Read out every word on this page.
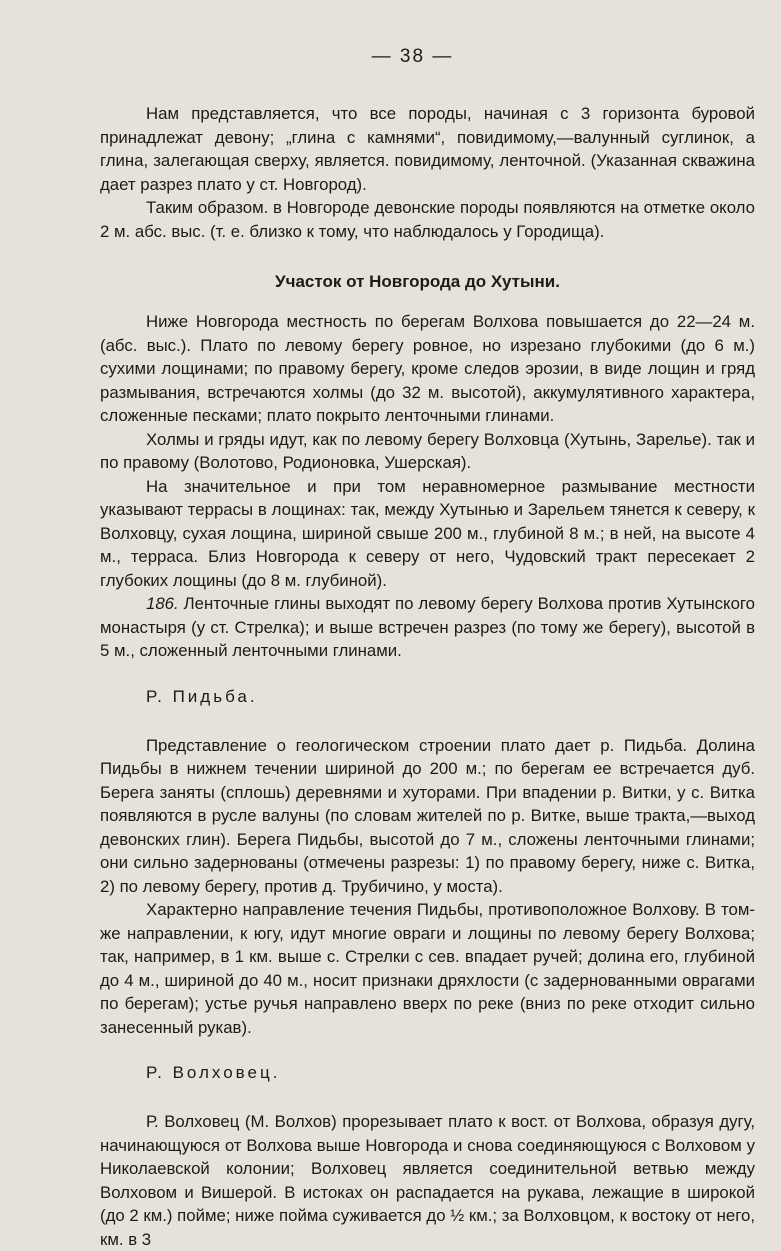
— 38 —

Нам представляется, что все породы, начиная с 3 горизонта буровой принадлежат девону; „глина с камнями“, повидимому,—валунный суглинок, а глина, залегающая сверху, является. повидимому, ленточной. (Указанная скважина дает разрез плато у ст. Новгород).

Таким образом. в Новгороде девонские породы появляются на отметке около 2 м. абс. выс. (т. е. близко к тому, что наблюдалось у Городища).

Участок от Новгорода до Хутыни.

Ниже Новгорода местность по берегам Волхова повышается до 22—24 м. (абс. выс.). Плато по левому берегу ровное, но изрезано глубокими (до 6 м.) сухими лощинами; по правому берегу, кроме следов эрозии, в виде лощин и гряд размывания, встречаются холмы (до 32 м. высотой), аккумулятивного характера, сложенные песками; плато покрыто ленточными глинами.

Холмы и гряды идут, как по левому берегу Волховца (Хутынь, Зарелье). так и по правому (Волотово, Родионовка, Ушерская).

На значительное и при том неравномерное размывание местности указывают террасы в лощинах: так, между Хутынью и Зарельем тянется к северу, к Волховцу, сухая лощина, шириной свыше 200 м., глубиной 8 м.; в ней, на высоте 4 м., терраса. Близ Новгорода к северу от него, Чудовский тракт пересекает 2 глубоких лощины (до 8 м. глубиной).

186. Ленточные глины выходят по левому берегу Волхова против Хутынского монастыря (у ст. Стрелка); и выше встречен разрез (по тому же берегу), высотой в 5 м., сложенный ленточными глинами.

Р. Пидьба.

Представление о геологическом строении плато дает р. Пидьба. Долина Пидьбы в нижнем течении шириной до 200 м.; по берегам ее встречается дуб. Берега заняты (сплошь) деревнями и хуторами. При впадении р. Витки, у с. Витка появляются в русле валуны (по словам жителей по р. Витке, выше тракта,—выход девонских глин). Берега Пидьбы, высотой до 7 м., сложены ленточными глинами; они сильно задернованы (отмечены разрезы: 1) по правому берегу, ниже с. Витка, 2) по левому берегу, против д. Трубичино, у моста).

Характерно направление течения Пидьбы, противоположное Волхову. В том-же направлении, к югу, идут многие овраги и лощины по левому берегу Волхова; так, например, в 1 км. выше с. Стрелки с сев. впадает ручей; долина его, глубиной до 4 м., шириной до 40 м., носит признаки дряхлости (с задернованными оврагами по берегам); устье ручья направлено вверх по реке (вниз по реке отходит сильно занесенный рукав).

Р. Волховец.

Р. Волховец (М. Волхов) прорезывает плато к вост. от Волхова, образуя дугу, начинающуюся от Волхова выше Новгорода и снова соединяющуюся с Волховом у Николаевской колонии; Волховец является соединительной ветвью между Волховом и Вишерой. В истоках он распадается на рукава, лежащие в широкой (до 2 км.) пойме; ниже пойма суживается до ½ км.; за Волховцом, к востоку от него, км. в 3
